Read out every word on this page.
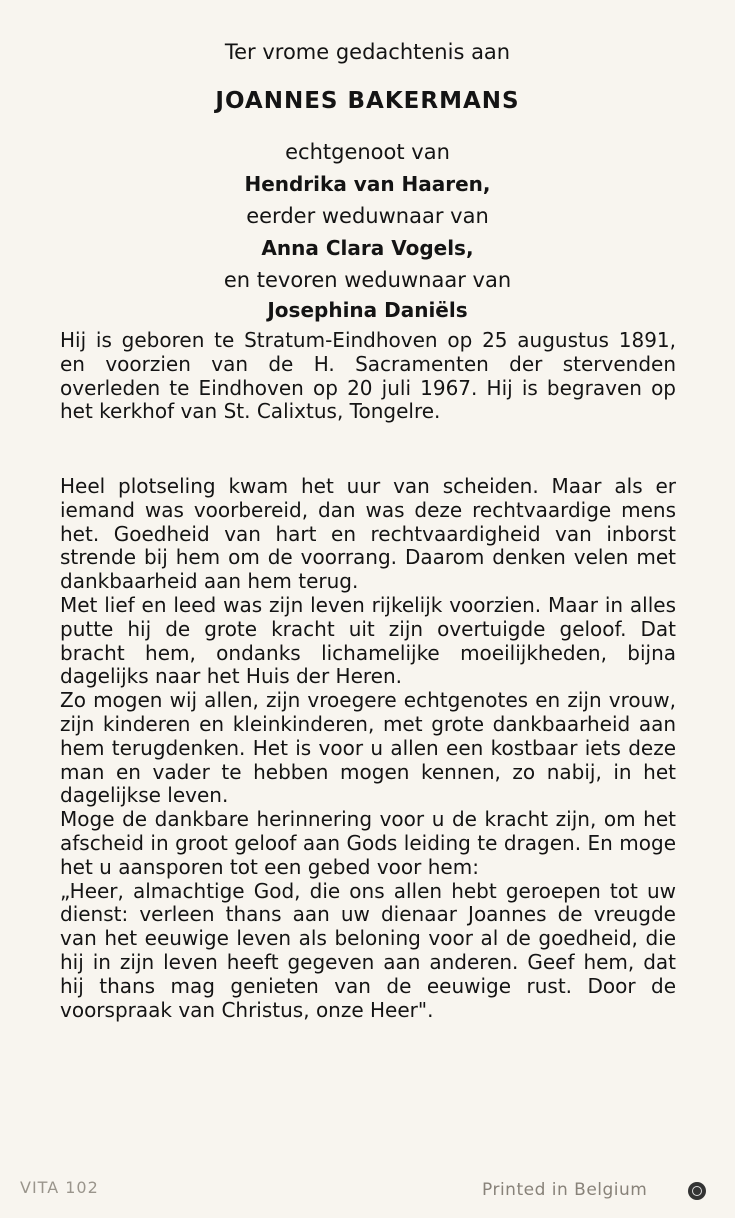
Ter vrome gedachtenis aan
JOANNES BAKERMANS
echtgenoot van
Hendrika van Haaren,
eerder weduwnaar van
Anna Clara Vogels,
en tevoren weduwnaar van
Josephina Daniëls
Hij is geboren te Stratum-Eindhoven op 25 augustus 1891, en voorzien van de H. Sacramenten der stervenden overleden te Eindhoven op 20 juli 1967. Hij is begraven op het kerkhof van St. Calixtus, Tongelre.

Heel plotseling kwam het uur van scheiden. Maar als er iemand was voorbereid, dan was deze rechtvaardige mens het. Goedheid van hart en rechtvaardigheid van inborst strende bij hem om de voorrang. Daarom denken velen met dankbaarheid aan hem terug.

Met lief en leed was zijn leven rijkelijk voorzien. Maar in alles putte hij de grote kracht uit zijn overtuigde geloof. Dat bracht hem, ondanks lichamelijke moeilijkheden, bijna dagelijks naar het Huis der Heren.

Zo mogen wij allen, zijn vroegere echtgenotes en zijn vrouw, zijn kinderen en kleinkinderen, met grote dankbaarheid aan hem terugdenken. Het is voor u allen een kostbaar iets deze man en vader te hebben mogen kennen, zo nabij, in het dagelijkse leven.

Moge de dankbare herinnering voor u de kracht zijn, om het afscheid in groot geloof aan Gods leiding te dragen. En moge het u aansporen tot een gebed voor hem:

„Heer, almachtige God, die ons allen hebt geroepen tot uw dienst: verleen thans aan uw dienaar Joannes de vreugde van het eeuwige leven als beloning voor al de goedheid, die hij in zijn leven heeft gegeven aan anderen. Geef hem, dat hij thans mag genieten van de eeuwige rust. Door de voorspraak van Christus, onze Heer".

VITA 102	Printed in Belgium
